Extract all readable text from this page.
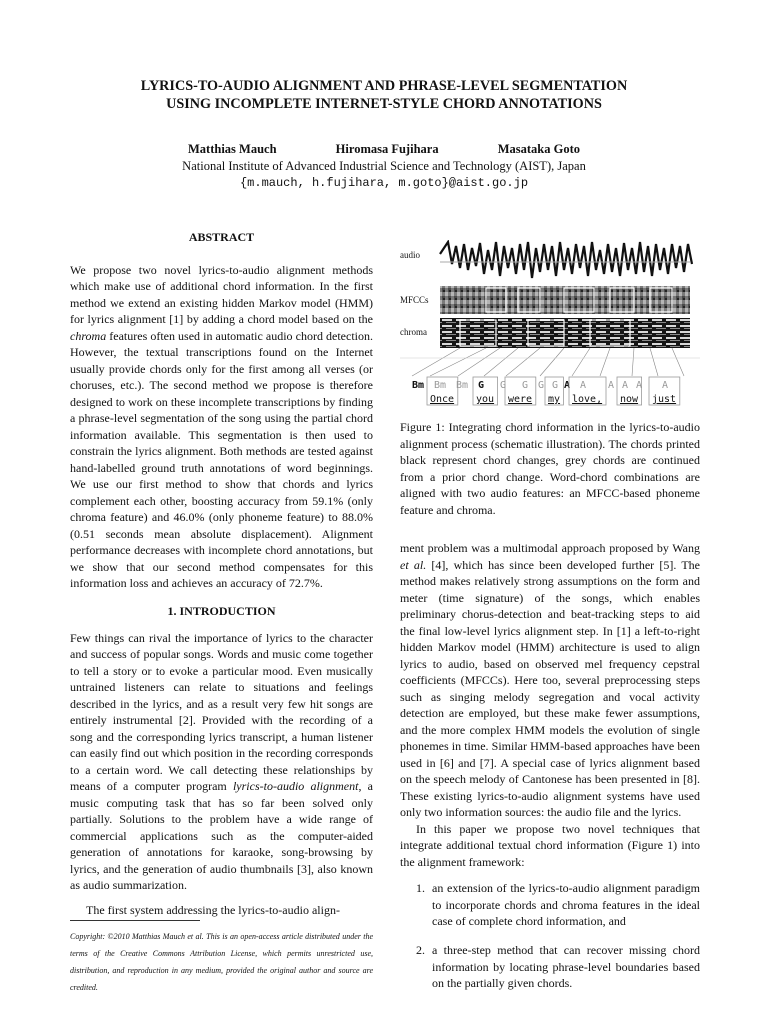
LYRICS-TO-AUDIO ALIGNMENT AND PHRASE-LEVEL SEGMENTATION
USING INCOMPLETE INTERNET-STYLE CHORD ANNOTATIONS
Matthias Mauch	Hiromasa Fujihara	Masataka Goto
National Institute of Advanced Industrial Science and Technology (AIST), Japan
{m.mauch, h.fujihara, m.goto}@aist.go.jp

ABSTRACT

We propose two novel lyrics-to-audio alignment methods which make use of additional chord information. In the first method we extend an existing hidden Markov model (HMM) for lyrics alignment [1] by adding a chord model based on the chroma features often used in automatic audio chord detection. However, the textual transcriptions found on the Internet usually provide chords only for the first among all verses (or choruses, etc.). The second method we propose is therefore designed to work on these incomplete transcriptions by finding a phrase-level segmentation of the song using the partial chord information available. This segmentation is then used to constrain the lyrics alignment. Both methods are tested against hand-labelled ground truth annotations of word beginnings. We use our first method to show that chords and lyrics complement each other, boosting accuracy from 59.1% (only chroma feature) and 46.0% (only phoneme feature) to 88.0% (0.51 seconds mean absolute displacement). Alignment performance decreases with incomplete chord annotations, but we show that our second method compensates for this information loss and achieves an accuracy of 72.7%.

1. INTRODUCTION

Few things can rival the importance of lyrics to the character and success of popular songs. Words and music come together to tell a story or to evoke a particular mood. Even musically untrained listeners can relate to situations and feelings described in the lyrics, and as a result very few hit songs are entirely instrumental [2]. Provided with the recording of a song and the corresponding lyrics transcript, a human listener can easily find out which position in the recording corresponds to a certain word. We call detecting these relationships by means of a computer program lyrics-to-audio alignment, a music computing task that has so far been solved only partially. Solutions to the problem have a wide range of commercial applications such as the computer-aided generation of annotations for karaoke, song-browsing by lyrics, and the generation of audio thumbnails [3], also known as audio summarization.

The first system addressing the lyrics-to-audio align-

Copyright: ©2010 Matthias Mauch et al. This is an open-access article distributed under the terms of the Creative Commons Attribution License, which permits unrestricted use, distribution, and reproduction in any medium, provided the original author and source are credited.
audio
MFCCs
chroma
Bm Bm Bm G G G G G A A A A A A
Once you were my love, now just
Figure 1: Integrating chord information in the lyrics-to-audio alignment process (schematic illustration). The chords printed black represent chord changes, grey chords are continued from a prior chord change. Word-chord combinations are aligned with two audio features: an MFCC-based phoneme feature and chroma.

ment problem was a multimodal approach proposed by Wang et al. [4], which has since been developed further [5]. The method makes relatively strong assumptions on the form and meter (time signature) of the songs, which enables preliminary chorus-detection and beat-tracking steps to aid the final low-level lyrics alignment step. In [1] a left-to-right hidden Markov model (HMM) architecture is used to align lyrics to audio, based on observed mel frequency cepstral coefficients (MFCCs). Here too, several preprocessing steps such as singing melody segregation and vocal activity detection are employed, but these make fewer assumptions, and the more complex HMM models the evolution of single phonemes in time. Similar HMM-based approaches have been used in [6] and [7]. A special case of lyrics alignment based on the speech melody of Cantonese has been presented in [8]. These existing lyrics-to-audio alignment systems have used only two information sources: the audio file and the lyrics.

In this paper we propose two novel techniques that integrate additional textual chord information (Figure 1) into the alignment framework:

1. an extension of the lyrics-to-audio alignment paradigm to incorporate chords and chroma features in the ideal case of complete chord information, and
2. a three-step method that can recover missing chord information by locating phrase-level boundaries based on the partially given chords.
